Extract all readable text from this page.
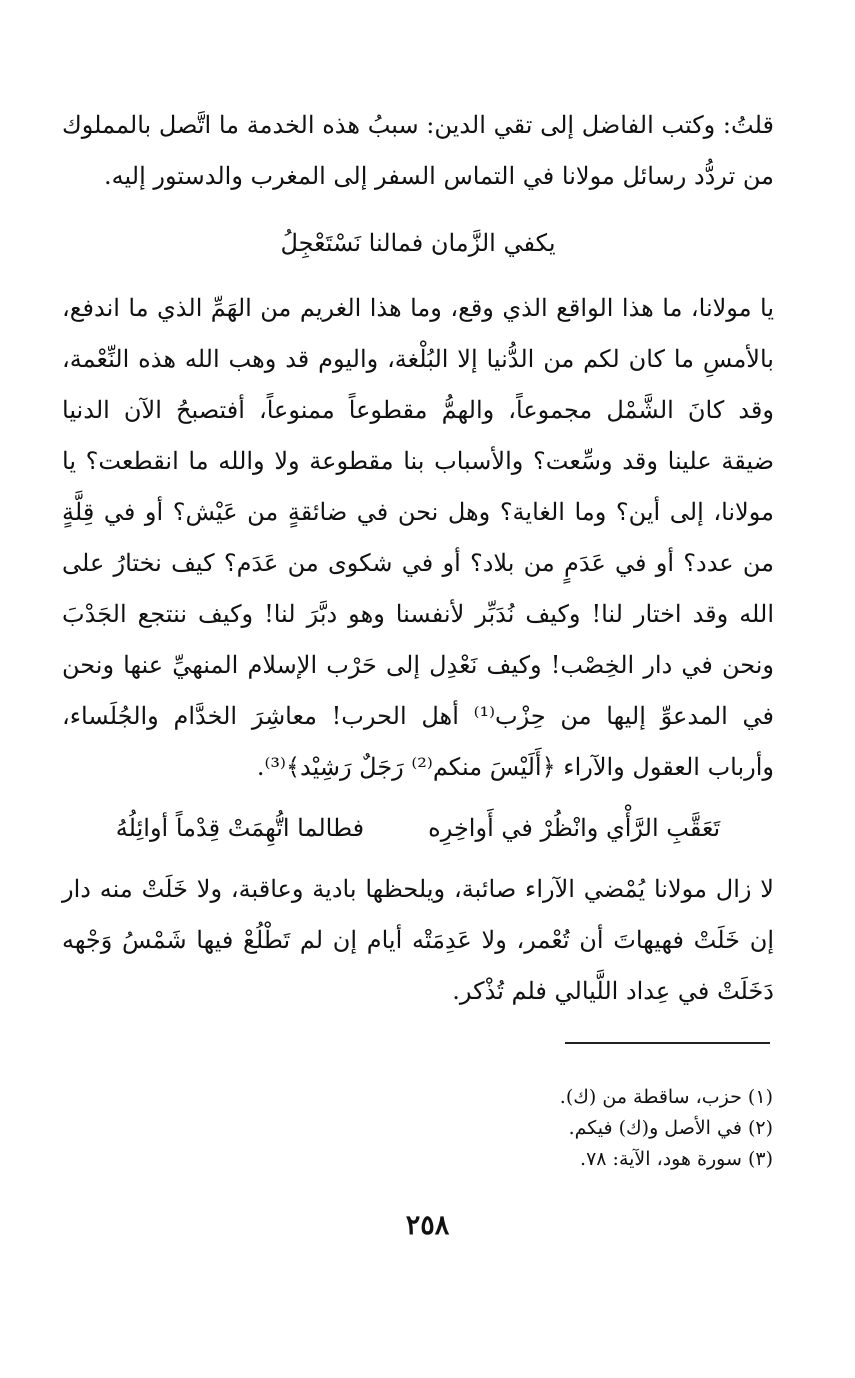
قلتُ: وكتب الفاضل إلى تقي الدين: سببُ هذه الخدمة ما اتَّصل بالمملوك من تردُّد رسائل مولانا في التماس السفر إلى المغرب والدستور إليه.

يكفي الزَّمان فمالنا نَسْتَعْجِلُ

يا مولانا، ما هذا الواقع الذي وقع، وما هذا الغريم من الهَمِّ الذي ما اندفع، بالأمسِ ما كان لكم من الدُّنيا إلا البُلْغة، واليوم قد وهب الله هذه النِّعْمة، وقد كانَ الشَّمْل مجموعاً، والهمُّ مقطوعاً ممنوعاً، أفتصبحُ الآن الدنيا ضيقة علينا وقد وسِّعت؟ والأسباب بنا مقطوعة ولا والله ما انقطعت؟ يا مولانا، إلى أين؟ وما الغاية؟ وهل نحن في ضائقةٍ من عَيْش؟ أو في قِلَّةٍ من عدد؟ أو في عَدَمٍ من بلاد؟ أو في شكوى من عَدَم؟ كيف نختارُ على الله وقد اختار لنا! وكيف نُدَبِّر لأنفسنا وهو دبَّرَ لنا! وكيف ننتجع الجَدْبَ ونحن في دار الخِصْب! وكيف نَعْدِل إلى حَرْب الإسلام المنهيِّ عنها ونحن في المدعوِّ إليها من حِزْب⁽¹⁾ أهل الحرب! معاشِرَ الخدَّام والجُلَساء، وأرباب العقول والآراء ﴿أَلَيْسَ منكم⁽²⁾ رَجَلٌ رَشِيْد﴾⁽³⁾.

تَعَقَّبِ الرَّأْي وانْظُرْ في أَواخِرِه
فطالما اتُّهِمَتْ قِدْماً أوائِلُهُ

لا زال مولانا يُمْضي الآراء صائبة، ويلحظها بادية وعاقبة، ولا خَلَتْ منه دار إن خَلَتْ فهيهاتَ أن تُعْمر، ولا عَدِمَتْه أيام إن لم تَطْلُعْ فيها شَمْسُ وَجْهه دَخَلَتْ في عِداد اللَّيالي فلم تُذْكر.

(١) حزب، ساقطة من (ك).

(٢) في الأصل و(ك) فيكم.

(٣) سورة هود، الآية: ٧٨.

٢٥٨
